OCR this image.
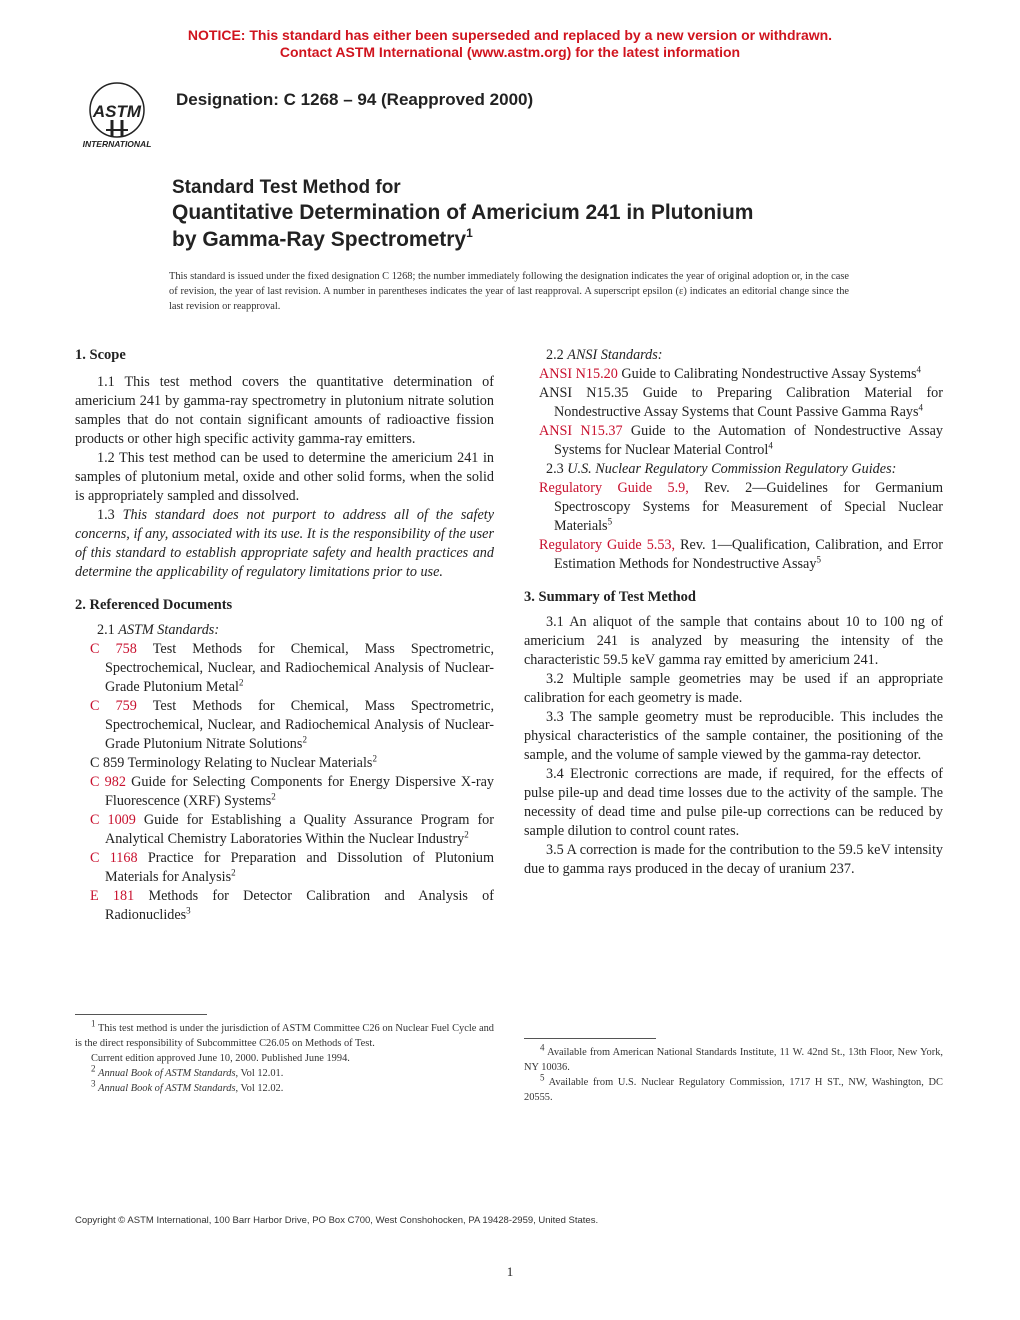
NOTICE: This standard has either been superseded and replaced by a new version or withdrawn.
Contact ASTM International (www.astm.org) for the latest information
ASTM
INTERNATIONAL
Designation: C 1268 – 94 (Reapproved 2000)
Standard Test Method for
Quantitative Determination of Americium 241 in Plutonium
by Gamma-Ray Spectrometry$^1$
This standard is issued under the fixed designation C 1268; the number immediately following the designation indicates the year of original adoption or, in the case of revision, the year of last revision. A number in parentheses indicates the year of last reapproval. A superscript epsilon (ε) indicates an editorial change since the last revision or reapproval.

1. Scope

1.1 This test method covers the quantitative determination of americium 241 by gamma-ray spectrometry in plutonium nitrate solution samples that do not contain significant amounts of radioactive fission products or other high specific activity gamma-ray emitters.

1.2 This test method can be used to determine the americium 241 in samples of plutonium metal, oxide and other solid forms, when the solid is appropriately sampled and dissolved.

1.3 This standard does not purport to address all of the safety concerns, if any, associated with its use. It is the responsibility of the user of this standard to establish appropriate safety and health practices and determine the applicability of regulatory limitations prior to use.

2. Referenced Documents

2.1 ASTM Standards:

C 758 Test Methods for Chemical, Mass Spectrometric, Spectrochemical, Nuclear, and Radiochemical Analysis of Nuclear-Grade Plutonium Metal$^2$

C 759 Test Methods for Chemical, Mass Spectrometric, Spectrochemical, Nuclear, and Radiochemical Analysis of Nuclear-Grade Plutonium Nitrate Solutions$^2$

C 859 Terminology Relating to Nuclear Materials$^2$

C 982 Guide for Selecting Components for Energy Dispersive X-ray Fluorescence (XRF) Systems$^2$

C 1009 Guide for Establishing a Quality Assurance Program for Analytical Chemistry Laboratories Within the Nuclear Industry$^2$

C 1168 Practice for Preparation and Dissolution of Plutonium Materials for Analysis$^2$

E 181 Methods for Detector Calibration and Analysis of Radionuclides$^3$

2.2 ANSI Standards:

ANSI N15.20 Guide to Calibrating Nondestructive Assay Systems$^4$

ANSI N15.35 Guide to Preparing Calibration Material for Nondestructive Assay Systems that Count Passive Gamma Rays$^4$

ANSI N15.37 Guide to the Automation of Nondestructive Assay Systems for Nuclear Material Control$^4$

2.3 U.S. Nuclear Regulatory Commission Regulatory Guides:

Regulatory Guide 5.9, Rev. 2—Guidelines for Germanium Spectroscopy Systems for Measurement of Special Nuclear Materials$^5$

Regulatory Guide 5.53, Rev. 1—Qualification, Calibration, and Error Estimation Methods for Nondestructive Assay$^5$

3. Summary of Test Method

3.1 An aliquot of the sample that contains about 10 to 100 ng of americium 241 is analyzed by measuring the intensity of the characteristic 59.5 keV gamma ray emitted by americium 241.

3.2 Multiple sample geometries may be used if an appropriate calibration for each geometry is made.

3.3 The sample geometry must be reproducible. This includes the physical characteristics of the sample container, the positioning of the sample, and the volume of sample viewed by the gamma-ray detector.

3.4 Electronic corrections are made, if required, for the effects of pulse pile-up and dead time losses due to the activity of the sample. The necessity of dead time and pulse pile-up corrections can be reduced by sample dilution to control count rates.

3.5 A correction is made for the contribution to the 59.5 keV intensity due to gamma rays produced in the decay of uranium 237.

$^1$ This test method is under the jurisdiction of ASTM Committee C26 on Nuclear Fuel Cycle and is the direct responsibility of Subcommittee C26.05 on Methods of Test.

Current edition approved June 10, 2000. Published June 1994.

$^2$ Annual Book of ASTM Standards, Vol 12.01.

$^3$ Annual Book of ASTM Standards, Vol 12.02.

$^4$ Available from American National Standards Institute, 11 W. 42nd St., 13th Floor, New York, NY 10036.

$^5$ Available from U.S. Nuclear Regulatory Commission, 1717 H ST., NW, Washington, DC 20555.

Copyright © ASTM International, 100 Barr Harbor Drive, PO Box C700, West Conshohocken, PA 19428-2959, United States.
1
